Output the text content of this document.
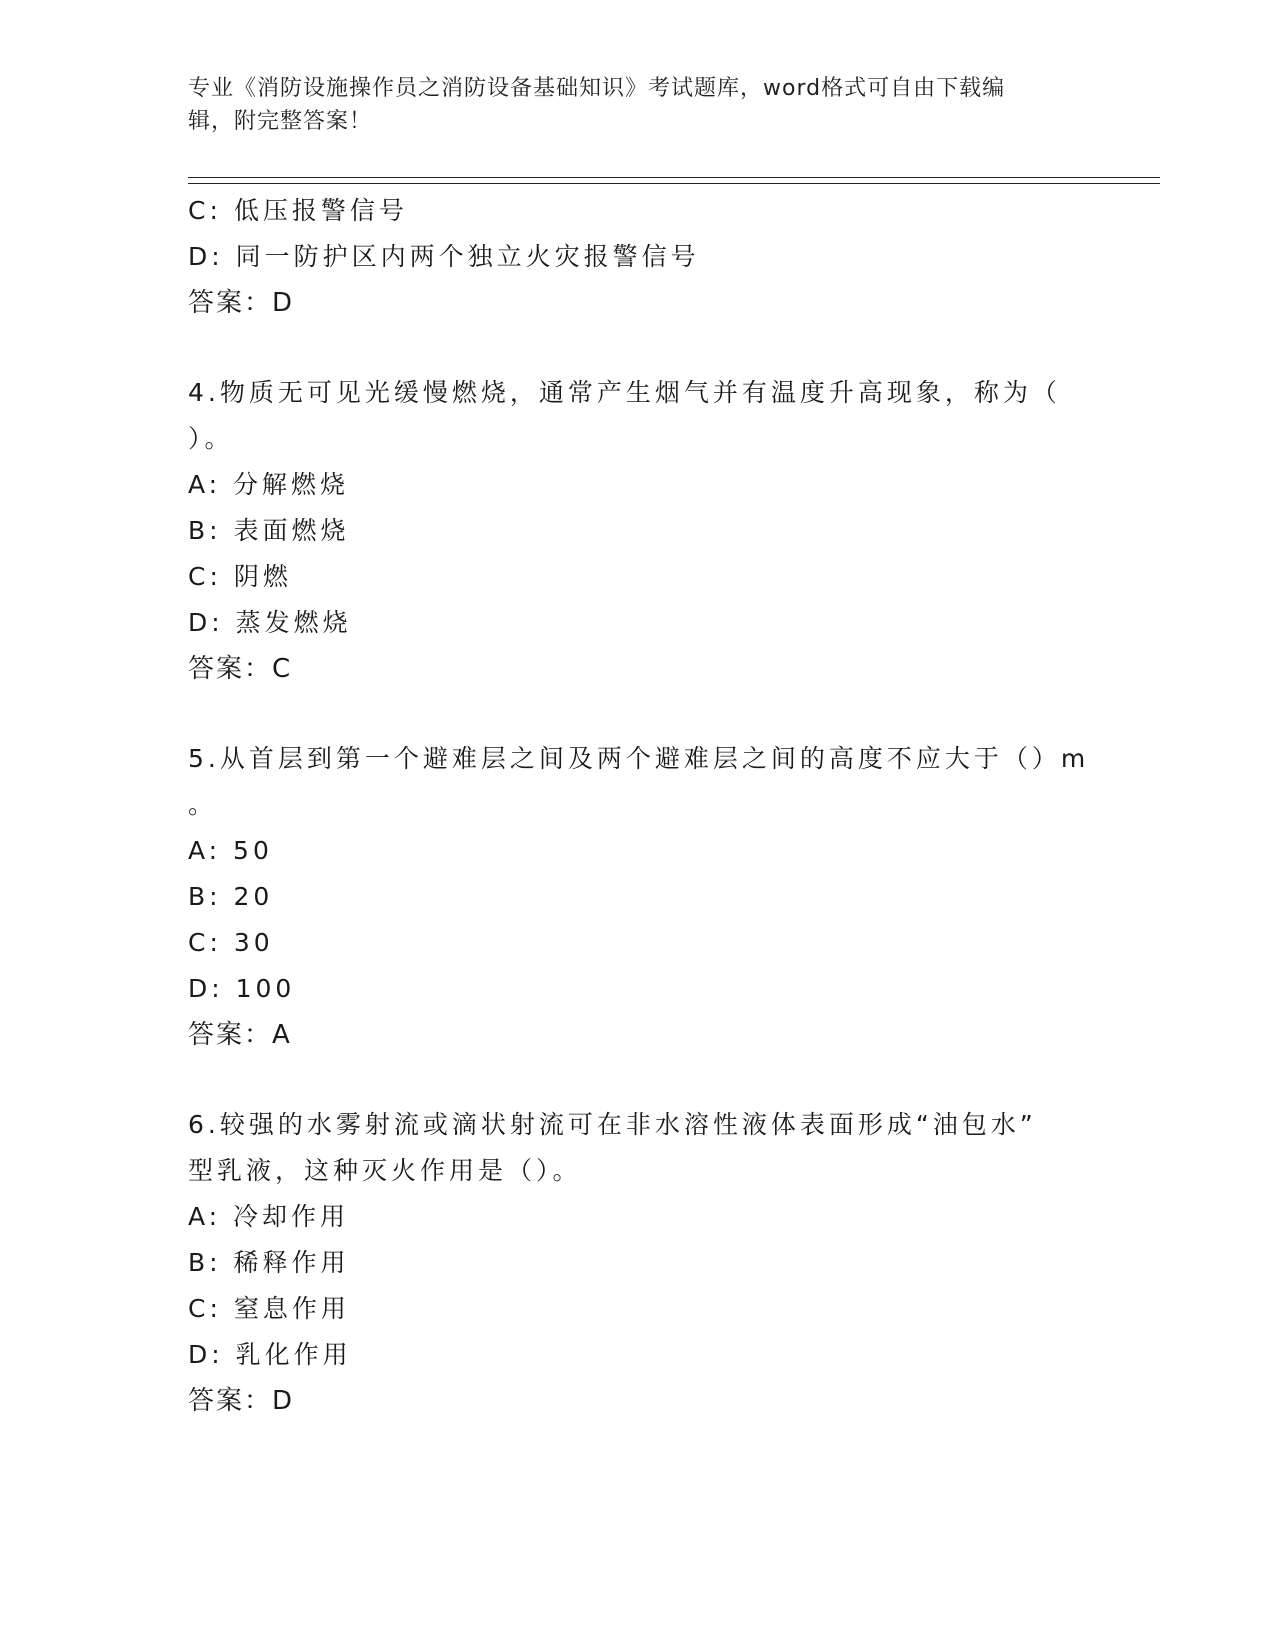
专业《消防设施操作员之消防设备基础知识》考试题库，word格式可自由下载编
辑，附完整答案！
C: 低压报警信号
D: 同一防护区内两个独立火灾报警信号
答案：D
4.物质无可见光缓慢燃烧，通常产生烟气并有温度升高现象，称为（
）。
A: 分解燃烧
B: 表面燃烧
C: 阴燃
D: 蒸发燃烧
答案：C
5.从首层到第一个避难层之间及两个避难层之间的高度不应大于（）m
。
A: 50
B: 20
C: 30
D: 100
答案：A
6.较强的水雾射流或滴状射流可在非水溶性液体表面形成“油包水”
型乳液，这种灭火作用是（）。
A: 冷却作用
B: 稀释作用
C: 窒息作用
D: 乳化作用
答案：D
